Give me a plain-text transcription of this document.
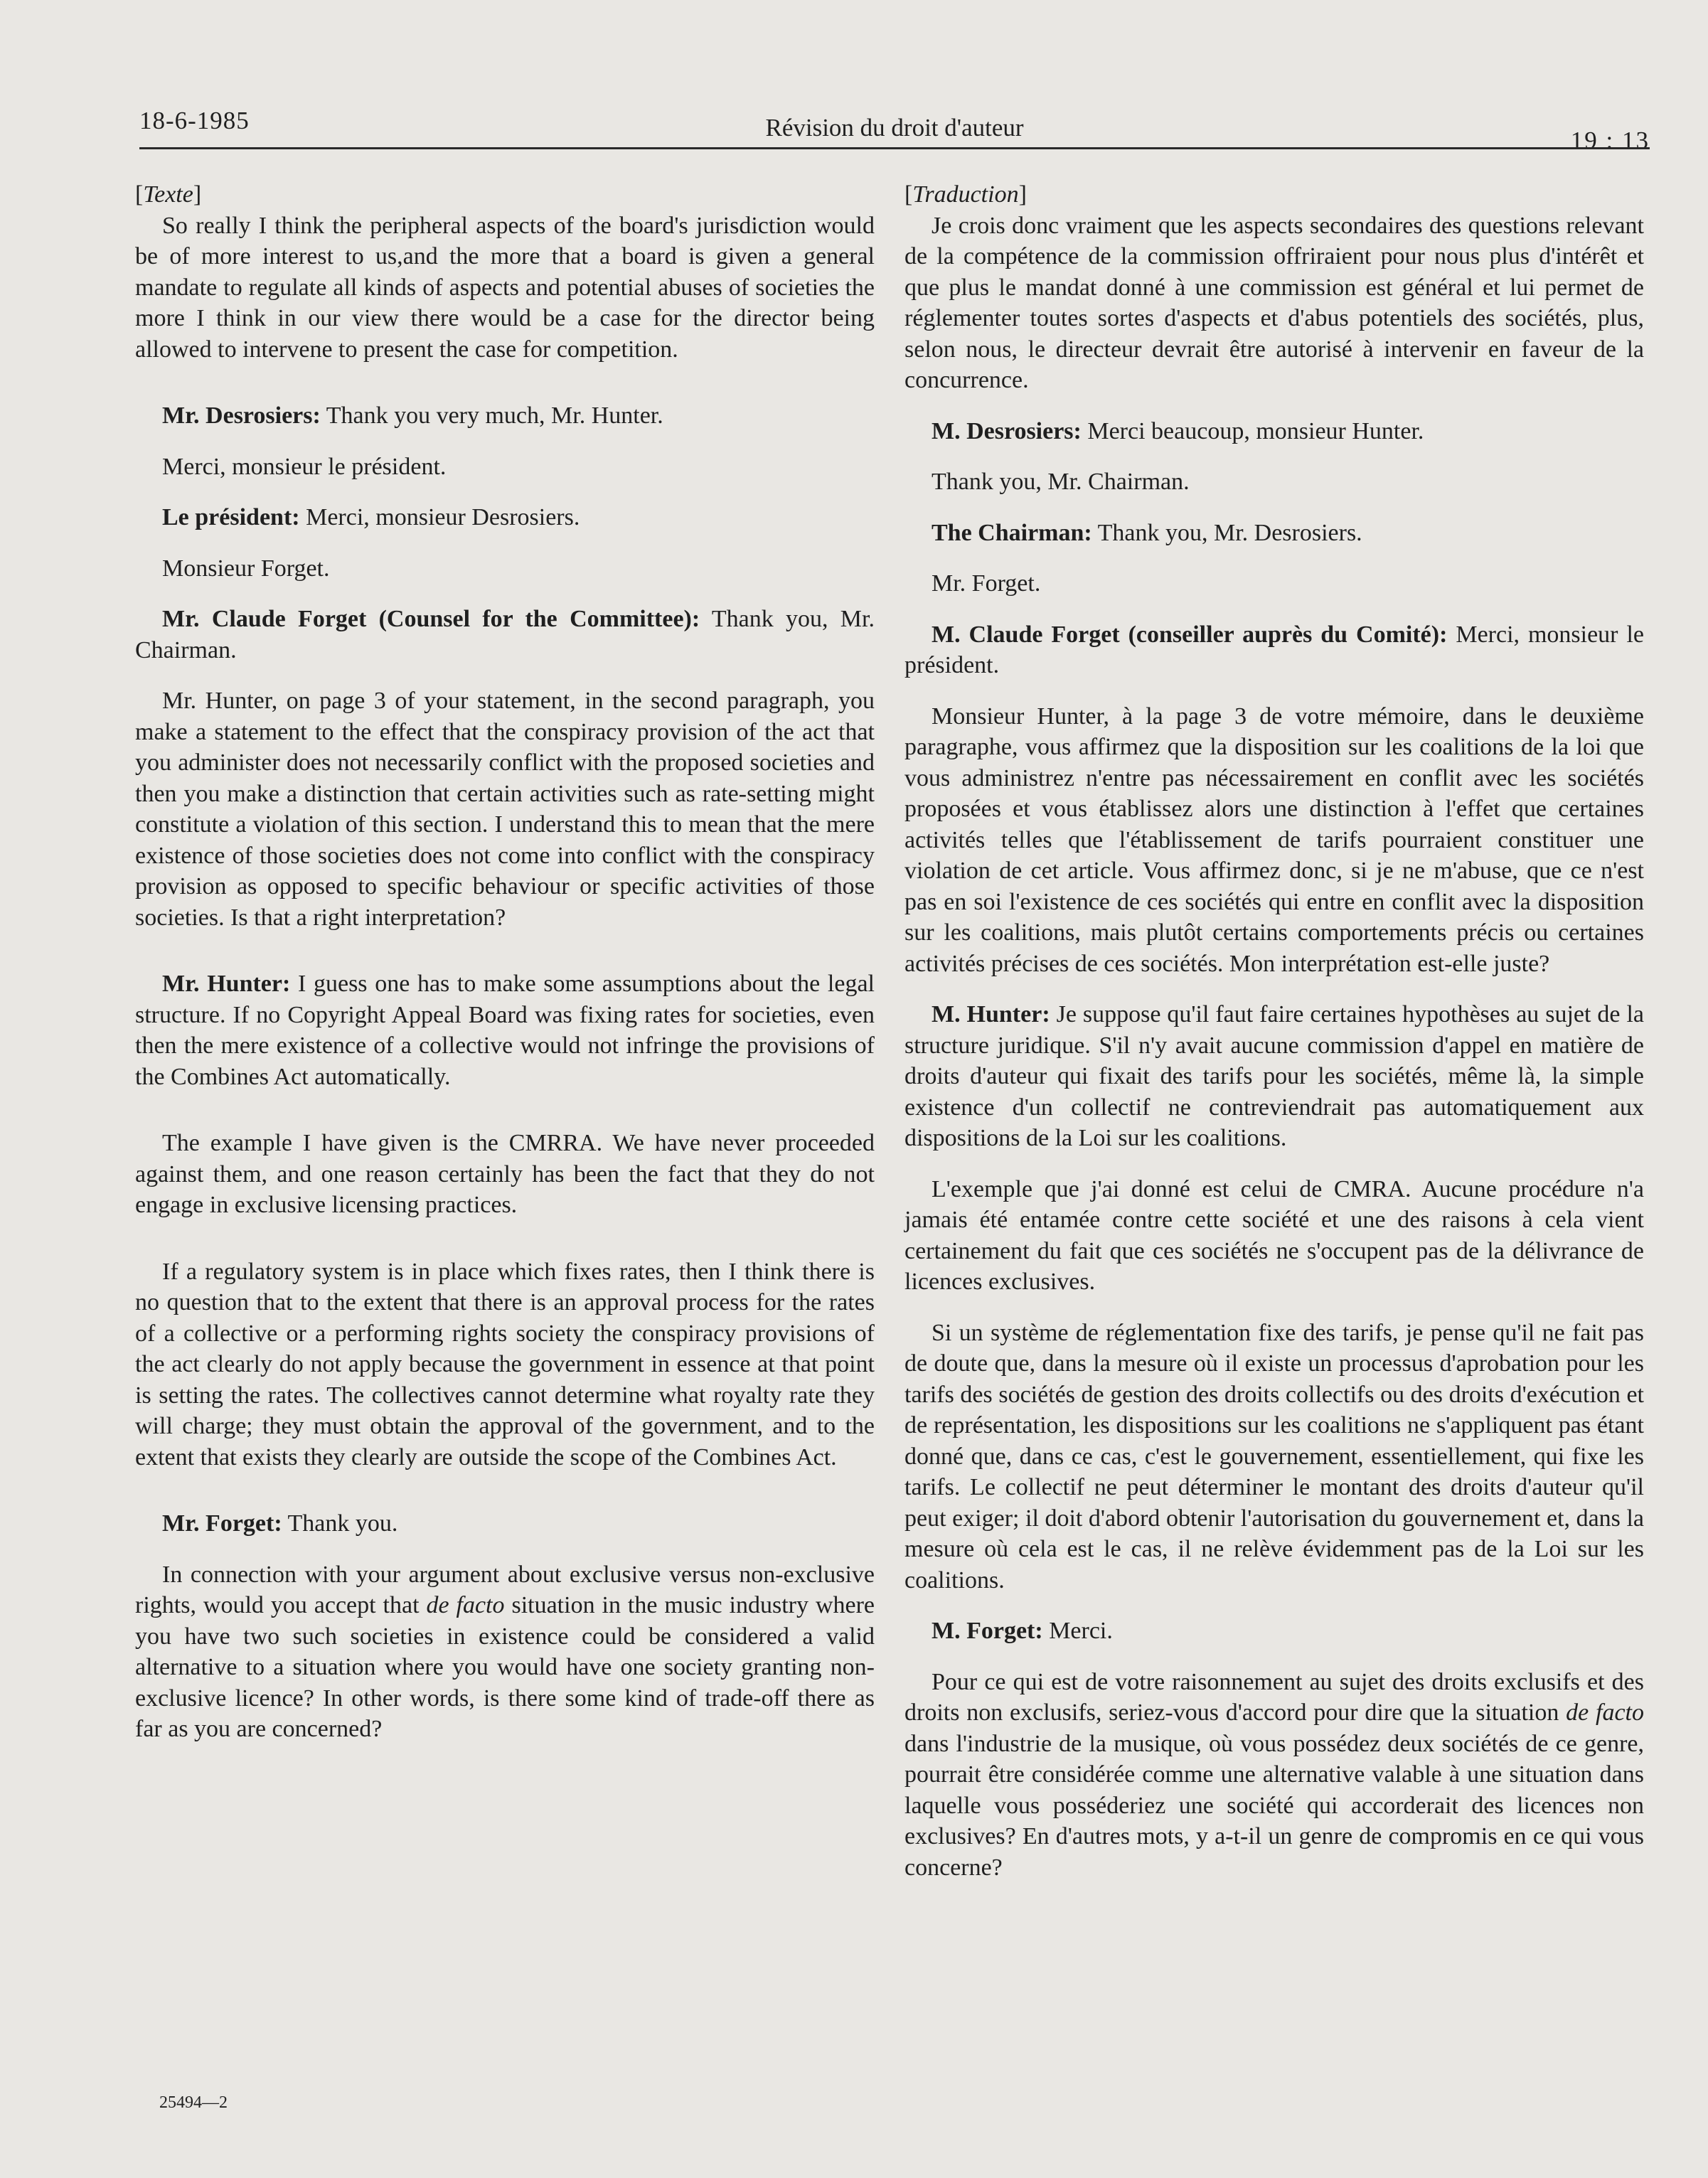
18-6-1985	Révision du droit d'auteur	19 : 13

[Texte]

So really I think the peripheral aspects of the board's jurisdiction would be of more interest to us,and the more that a board is given a general mandate to regulate all kinds of aspects and potential abuses of societies the more I think in our view there would be a case for the director being allowed to intervene to present the case for competition.

Mr. Desrosiers: Thank you very much, Mr. Hunter.

Merci, monsieur le président.

Le président: Merci, monsieur Desrosiers.

Monsieur Forget.

Mr. Claude Forget (Counsel for the Committee): Thank you, Mr. Chairman.

Mr. Hunter, on page 3 of your statement, in the second paragraph, you make a statement to the effect that the conspiracy provision of the act that you administer does not necessarily conflict with the proposed societies and then you make a distinction that certain activities such as rate-setting might constitute a violation of this section. I understand this to mean that the mere existence of those societies does not come into conflict with the conspiracy provision as opposed to specific behaviour or specific activities of those societies. Is that a right interpretation?

Mr. Hunter: I guess one has to make some assumptions about the legal structure. If no Copyright Appeal Board was fixing rates for societies, even then the mere existence of a collective would not infringe the provisions of the Combines Act automatically.

The example I have given is the CMRRA. We have never proceeded against them, and one reason certainly has been the fact that they do not engage in exclusive licensing practices.

If a regulatory system is in place which fixes rates, then I think there is no question that to the extent that there is an approval process for the rates of a collective or a performing rights society the conspiracy provisions of the act clearly do not apply because the government in essence at that point is setting the rates. The collectives cannot determine what royalty rate they will charge; they must obtain the approval of the government, and to the extent that exists they clearly are outside the scope of the Combines Act.

Mr. Forget: Thank you.

In connection with your argument about exclusive versus non-exclusive rights, would you accept that de facto situation in the music industry where you have two such societies in existence could be considered a valid alternative to a situation where you would have one society granting non-exclusive licence? In other words, is there some kind of trade-off there as far as you are concerned?

[Traduction]

Je crois donc vraiment que les aspects secondaires des questions relevant de la compétence de la commission offriraient pour nous plus d'intérêt et que plus le mandat donné à une commission est général et lui permet de réglementer toutes sortes d'aspects et d'abus potentiels des sociétés, plus, selon nous, le directeur devrait être autorisé à intervenir en faveur de la concurrence.

M. Desrosiers: Merci beaucoup, monsieur Hunter.

Thank you, Mr. Chairman.

The Chairman: Thank you, Mr. Desrosiers.

Mr. Forget.

M. Claude Forget (conseiller auprès du Comité): Merci, monsieur le président.

Monsieur Hunter, à la page 3 de votre mémoire, dans le deuxième paragraphe, vous affirmez que la disposition sur les coalitions de la loi que vous administrez n'entre pas nécessairement en conflit avec les sociétés proposées et vous établissez alors une distinction à l'effet que certaines activités telles que l'établissement de tarifs pourraient constituer une violation de cet article. Vous affirmez donc, si je ne m'abuse, que ce n'est pas en soi l'existence de ces sociétés qui entre en conflit avec la disposition sur les coalitions, mais plutôt certains comportements précis ou certaines activités précises de ces sociétés. Mon interprétation est-elle juste?

M. Hunter: Je suppose qu'il faut faire certaines hypothèses au sujet de la structure juridique. S'il n'y avait aucune commission d'appel en matière de droits d'auteur qui fixait des tarifs pour les sociétés, même là, la simple existence d'un collectif ne contreviendrait pas automatiquement aux dispositions de la Loi sur les coalitions.

L'exemple que j'ai donné est celui de CMRA. Aucune procédure n'a jamais été entamée contre cette société et une des raisons à cela vient certainement du fait que ces sociétés ne s'occupent pas de la délivrance de licences exclusives.

Si un système de réglementation fixe des tarifs, je pense qu'il ne fait pas de doute que, dans la mesure où il existe un processus d'aprobation pour les tarifs des sociétés de gestion des droits collectifs ou des droits d'exécution et de représentation, les dispositions sur les coalitions ne s'appliquent pas étant donné que, dans ce cas, c'est le gouvernement, essentiellement, qui fixe les tarifs. Le collectif ne peut déterminer le montant des droits d'auteur qu'il peut exiger; il doit d'abord obtenir l'autorisation du gouvernement et, dans la mesure où cela est le cas, il ne relève évidemment pas de la Loi sur les coalitions.

M. Forget: Merci.

Pour ce qui est de votre raisonnement au sujet des droits exclusifs et des droits non exclusifs, seriez-vous d'accord pour dire que la situation de facto dans l'industrie de la musique, où vous possédez deux sociétés de ce genre, pourrait être considérée comme une alternative valable à une situation dans laquelle vous posséderiez une société qui accorderait des licences non exclusives? En d'autres mots, y a-t-il un genre de compromis en ce qui vous concerne?

25494—2
